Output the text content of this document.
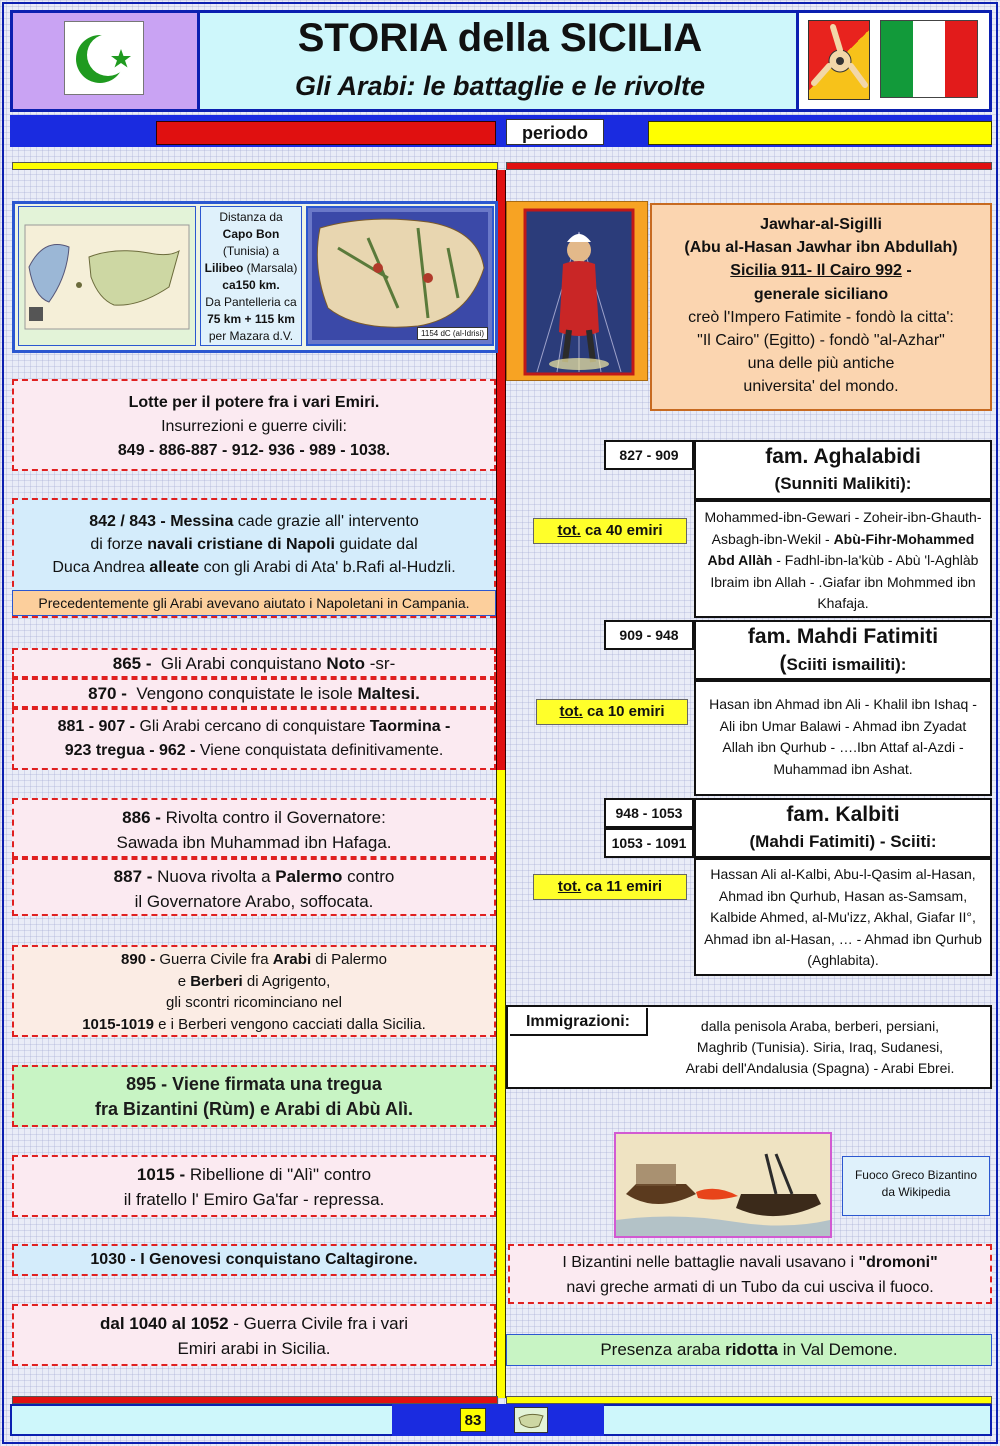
STORIA della SICILIA
Gli Arabi: le battaglie e le rivolte
periodo
Distanza da
Capo Bon
(Tunisia) a
Lilibeo (Marsala)
ca150 km.
Da Pantelleria ca
75 km + 115 km
per Mazara d.V.	1154 dC (al-Idrisi)
Lotte per il potere fra i vari Emiri.
Insurrezioni e guerre civili:
849 - 886-887 - 912- 936 - 989 - 1038.
842 / 843 - Messina cade grazie all' intervento
di forze navali cristiane di Napoli guidate dal
Duca Andrea alleate con gli Arabi di Ata' b.Rafi al-Hudzli.
Precedentemente gli Arabi avevano aiutato i Napoletani in Campania.
865 -  Gli Arabi conquistano Noto -sr-
870 -  Vengono conquistate le isole Maltesi.
881 - 907 - Gli Arabi cercano di conquistare Taormina -
923 tregua - 962 - Viene conquistata definitivamente.
886 - Rivolta contro il Governatore:
Sawada ibn Muhammad ibn Hafaga.
887 - Nuova rivolta a Palermo contro
il Governatore Arabo, soffocata.
890 - Guerra Civile fra Arabi di Palermo
e Berberi di Agrigento,
gli scontri ricominciano nel
1015-1019 e i Berberi vengono cacciati dalla Sicilia.
895 - Viene firmata una tregua
fra Bizantini (Rùm) e Arabi di Abù Alì.
1015 - Ribellione di "Alì" contro
il fratello l' Emiro Ga'far - repressa.
1030 - I Genovesi conquistano Caltagirone.
dal 1040 al 1052 - Guerra Civile fra i vari
Emiri arabi in Sicilia.
Jawhar-al-Sigilli
(Abu al-Hasan Jawhar ibn Abdullah)
Sicilia 911- Il Cairo 992 -
generale siciliano
creò l'Impero Fatimite - fondò la citta':
"Il Cairo" (Egitto) - fondò "al-Azhar"
una delle più antiche
universita' del mondo.
827 - 909	fam. Aghalabidi
(Sunniti Malikiti):
Mohammed-ibn-Gewari - Zoheir-ibn-Ghauth-Asbagh-ibn-Wekil - Abù-Fihr-Mohammed Abd Allàh - Fadhl-ibn-la'kùb - Abù 'l-Aghlàb Ibraim ibn Allah - .Giafar ibn Mohmmed ibn Khafaja.
tot. ca 40 emiri
909 - 948	fam. Mahdi Fatimiti
(Sciiti ismailiti):
Hasan ibn Ahmad ibn Ali - Khalil ibn Ishaq - Ali ibn Umar Balawi - Ahmad ibn Zyadat Allah ibn Qurhub - ….Ibn Attaf al-Azdi - Muhammad ibn Ashat.
tot. ca 10 emiri
948 - 1053
1053 - 1091
fam. Kalbiti
(Mahdi Fatimiti) - Sciiti:
Hassan Ali al-Kalbi, Abu-l-Qasim al-Hasan, Ahmad ibn Qurhub, Hasan as-Samsam, Kalbide Ahmed, al-Mu'izz, Akhal, Giafar II°, Ahmad ibn al-Hasan, … - Ahmad ibn Qurhub (Aghlabita).
tot. ca 11 emiri
Immigrazioni:	dalla penisola Araba, berberi, persiani,
Maghrib (Tunisia). Siria, Iraq, Sudanesi,
Arabi dell'Andalusia (Spagna) - Arabi Ebrei.
Fuoco Greco Bizantino
da Wikipedia
I Bizantini nelle battaglie navali usavano i "dromoni"
navi greche armati di un Tubo da cui usciva il fuoco.
Presenza araba ridotta in Val Demone.
83
